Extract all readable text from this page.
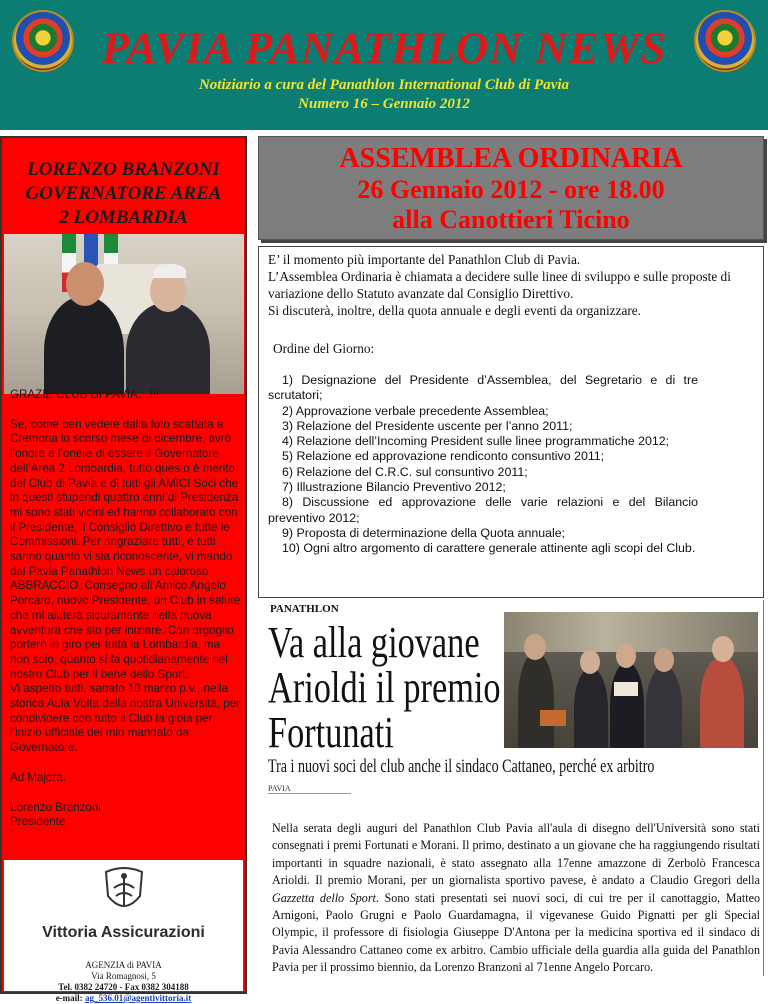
PAVIA PANATHLON NEWS
Notiziario a cura del Panathlon International Club di Pavia
Numero 16 – Gennaio 2012
LORENZO BRANZONI
GOVERNATORE AREA
2 LOMBARDIA

GRAZIE CLUB DI PAVIA…!!!

Se, come ben vedete dalla foto scattata a Cremona lo scorso mese di dicembre, avrò l’onore e l’onere di essere il Governatore dell’Area 2 Lombardia, tutto questo è merito del Club di Pavia e di tutti gli AMICI Soci che in questi stupendi quattro anni di Presidenza mi sono stati vicini ed hanno collaborato con il Presidente, il Consiglio Direttivo e tutte le Commissioni. Per ringraziare tutti, e tutti sanno quanto vi sia riconoscente, vi mando dal Pavia Panathlon News un caloroso ABBRACCIO. Consegno all’Amico Angelo Porcaro, nuovo Presidente, un Club in salute che mi aiuterà sicuramente nella nuova avventura che sto per iniziare. Con orgoglio porterò in giro per tutta la Lombardia, ma non solo, quanto si fa quotidianamente nel nostro Club per il bene dello Sport.

Vi aspetto tutti, sabato 10 marzo p.v., nella storica Aula Volta della nostra Università, per condividere con tutto il Club la gioia per l’inizio ufficiale del mio mandato da Governatore.

Ad Majora.

Lorenzo Branzoni

Presidente

Vittoria Assicurazioni
AGENZIA di PAVIA
Via Romagnosi, 5
Tel. 0382 24720 - Fax 0382 304188
e-mail: ag_536.01@agentivittoria.it
ASSEMBLEA ORDINARIA
26 Gennaio 2012 - ore 18.00
alla Canottieri Ticino
E’ il momento più importante del Panathlon Club di Pavia.
L’Assemblea Ordinaria è chiamata a decidere sulle linee di sviluppo e sulle proposte di variazione dello Statuto avanzate dal Consiglio Direttivo.
Si discuterà, inoltre, della quota annuale e degli eventi da organizzare.
Ordine del Giorno:
1) Designazione del Presidente d’Assemblea, del Segretario e di tre scrutatori;
2) Approvazione verbale precedente Assemblea;
3) Relazione del Presidente uscente per l’anno 2011;
4) Relazione dell’Incoming President sulle linee programmatiche 2012;
5) Relazione ed approvazione rendiconto consuntivo 2011;
6) Relazione del C.R.C. sul consuntivo 2011;
7) Illustrazione Bilancio Preventivo 2012;
8) Discussione ed approvazione delle varie relazioni e del Bilancio preventivo 2012;
9) Proposta di determinazione della Quota annuale;
10) Ogni altro argomento di carattere generale attinente agli scopi del Club.
PANATHLON
Va alla giovane
Arioldi il premio
Fortunati
Tra i nuovi soci del club anche il sindaco Cattaneo, perché ex arbitro
PAVIA
Nella serata degli auguri del Panathlon Club Pavia all'aula di disegno dell'Università sono stati consegnati i premi Fortunati e Morani. Il primo, destinato a un giovane che ha raggiungendo risultati importanti in squadre nazionali, è stato assegnato alla 17enne amazzone di Zerbolò Francesca Arioldi. Il premio Morani, per un giornalista sportivo pavese, è andato a Claudio Gregori della Gazzetta dello Sport. Sono stati presentati sei nuovi soci, di cui tre per il canottaggio, Matteo Arnigoni, Paolo Grugni e Paolo Guardamagna, il vigevanese Guido Pignatti per gli Special Olympic, il professore di fisiologia Giuseppe D'Antona per la medicina sportiva ed il sindaco di Pavia Alessandro Cattaneo come ex arbitro. Cambio ufficiale della guardia alla guida del Panathlon Pavia per il prossimo biennio, da Lorenzo Branzoni al 71enne Angelo Porcaro.
